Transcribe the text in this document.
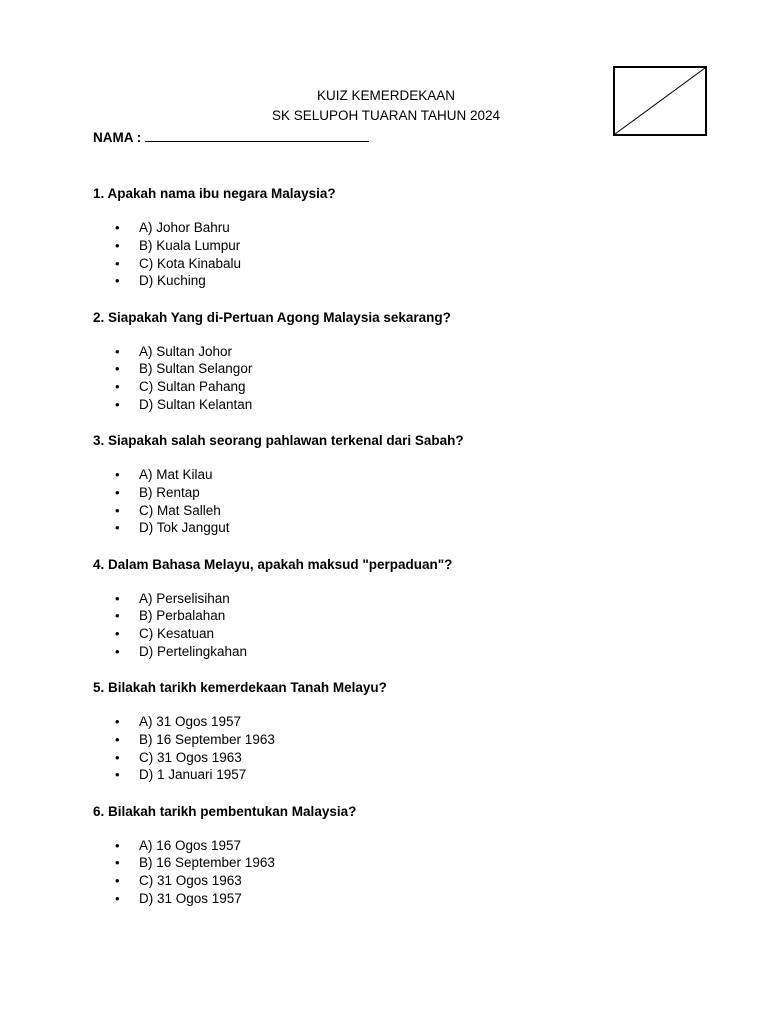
KUIZ KEMERDEKAAN
SK SELUPOH TUARAN TAHUN 2024
NAMA :

1. Apakah nama ibu negara Malaysia?

• A) Johor Bahru
• B) Kuala Lumpur
• C) Kota Kinabalu
• D) Kuching

2. Siapakah Yang di-Pertuan Agong Malaysia sekarang?

• A) Sultan Johor
• B) Sultan Selangor
• C) Sultan Pahang
• D) Sultan Kelantan

3. Siapakah salah seorang pahlawan terkenal dari Sabah?

• A) Mat Kilau
• B) Rentap
• C) Mat Salleh
• D) Tok Janggut

4. Dalam Bahasa Melayu, apakah maksud "perpaduan"?

• A) Perselisihan
• B) Perbalahan
• C) Kesatuan
• D) Pertelingkahan

5. Bilakah tarikh kemerdekaan Tanah Melayu?

• A) 31 Ogos 1957
• B) 16 September 1963
• C) 31 Ogos 1963
• D) 1 Januari 1957

6. Bilakah tarikh pembentukan Malaysia?

• A) 16 Ogos 1957
• B) 16 September 1963
• C) 31 Ogos 1963
• D) 31 Ogos 1957
